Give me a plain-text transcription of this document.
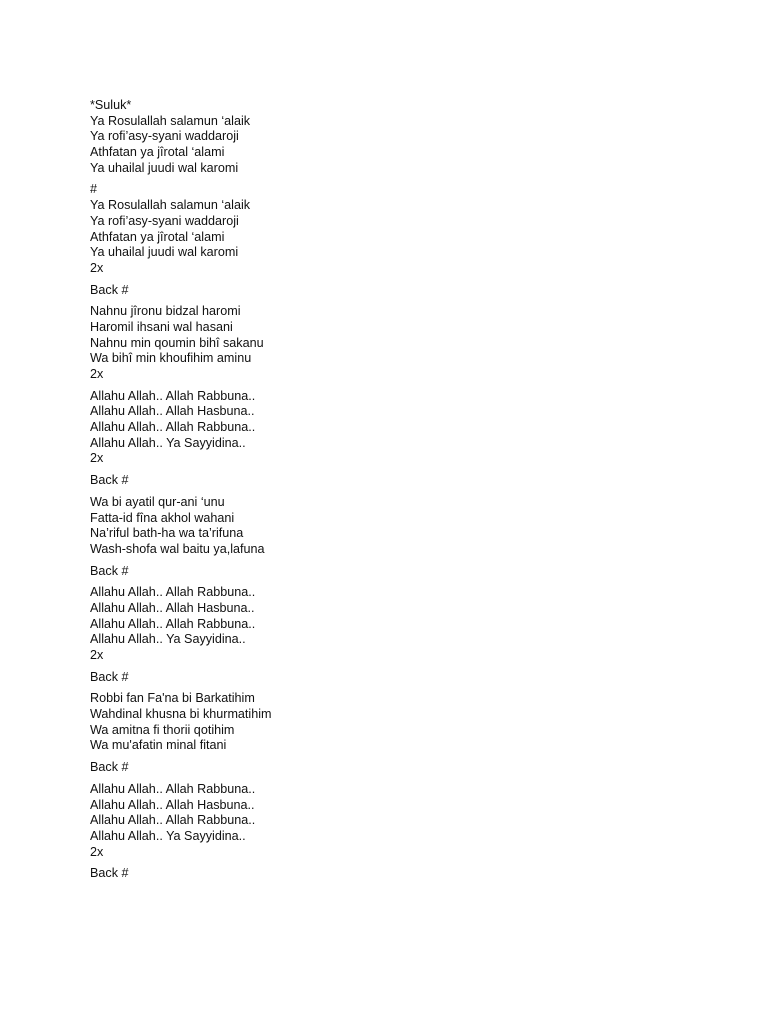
*Suluk*
Ya Rosulallah salamun ‘alaik
Ya rofi’asy-syani waddaroji
Athfatan ya jîrotal ‘alami
Ya uhailal juudi wal karomi
#
Ya Rosulallah salamun ‘alaik
Ya rofi’asy-syani waddaroji
Athfatan ya jîrotal ‘alami
Ya uhailal juudi wal karomi
2x
Back #
Nahnu jîronu bidzal haromi
Haromil ihsani wal hasani
Nahnu min qoumin bihî sakanu
Wa bihî min khoufihim aminu
2x
Allahu Allah.. Allah Rabbuna..
Allahu Allah.. Allah Hasbuna..
Allahu Allah.. Allah Rabbuna..
Allahu Allah.. Ya Sayyidina..
2x
Back #
Wa bi ayatil qur-ani ‘unu
Fatta-id fîna akhol wahani
Na’riful bath-ha wa ta’rifuna
Wash-shofa wal baitu ya,lafuna
Back #
Allahu Allah.. Allah Rabbuna..
Allahu Allah.. Allah Hasbuna..
Allahu Allah.. Allah Rabbuna..
Allahu Allah.. Ya Sayyidina..
2x
Back #
Robbi fan Fa'na bi Barkatihim
Wahdinal khusna bi khurmatihim
Wa amitna fi thorii qotihim
Wa mu'afatin minal fitani
Back #
Allahu Allah.. Allah Rabbuna..
Allahu Allah.. Allah Hasbuna..
Allahu Allah.. Allah Rabbuna..
Allahu Allah.. Ya Sayyidina..
2x
Back #
